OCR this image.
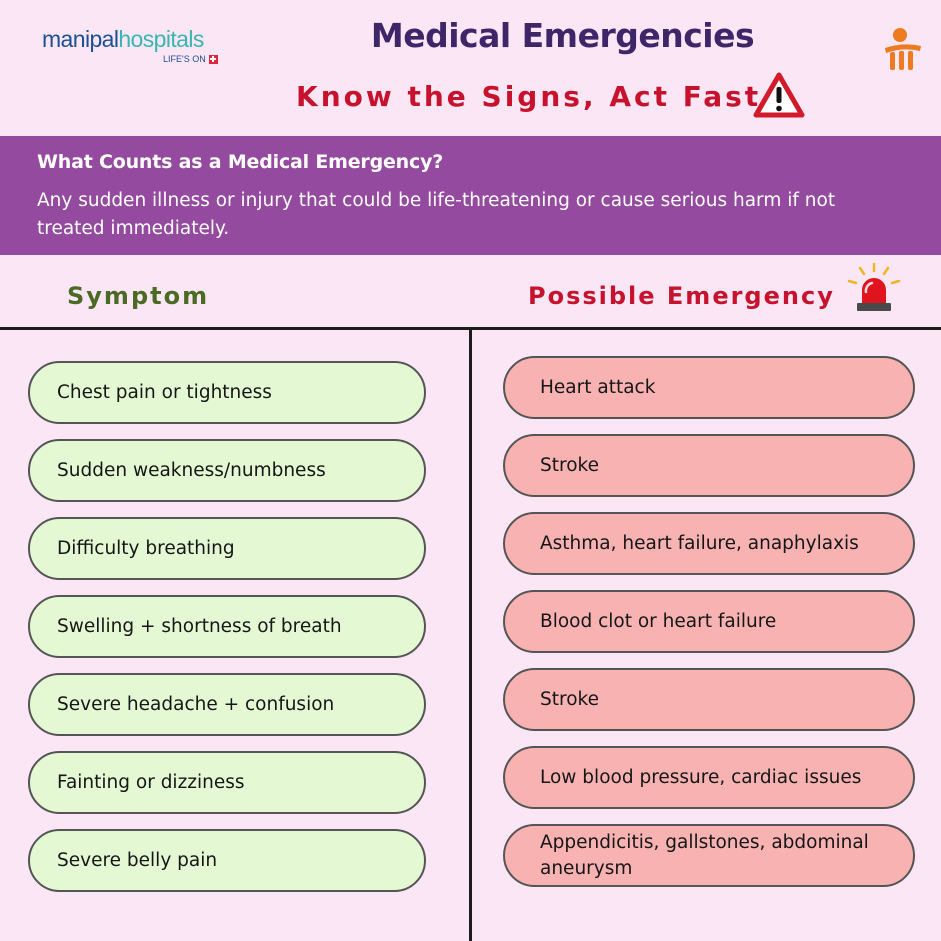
manipalhospitals
LIFE'S ON
Medical Emergencies
Know the Signs, Act Fast
What Counts as a Medical Emergency?
Any sudden illness or injury that could be life-threatening or cause serious harm if not treated immediately.
Symptom	Possible Emergency
Chest pain or tightness
Sudden weakness/numbness
Difficulty breathing
Swelling + shortness of breath
Severe headache + confusion
Fainting or dizziness
Severe belly pain
Heart attack
Stroke
Asthma, heart failure, anaphylaxis
Blood clot or heart failure
Stroke
Low blood pressure, cardiac issues
Appendicitis, gallstones, abdominal aneurysm
